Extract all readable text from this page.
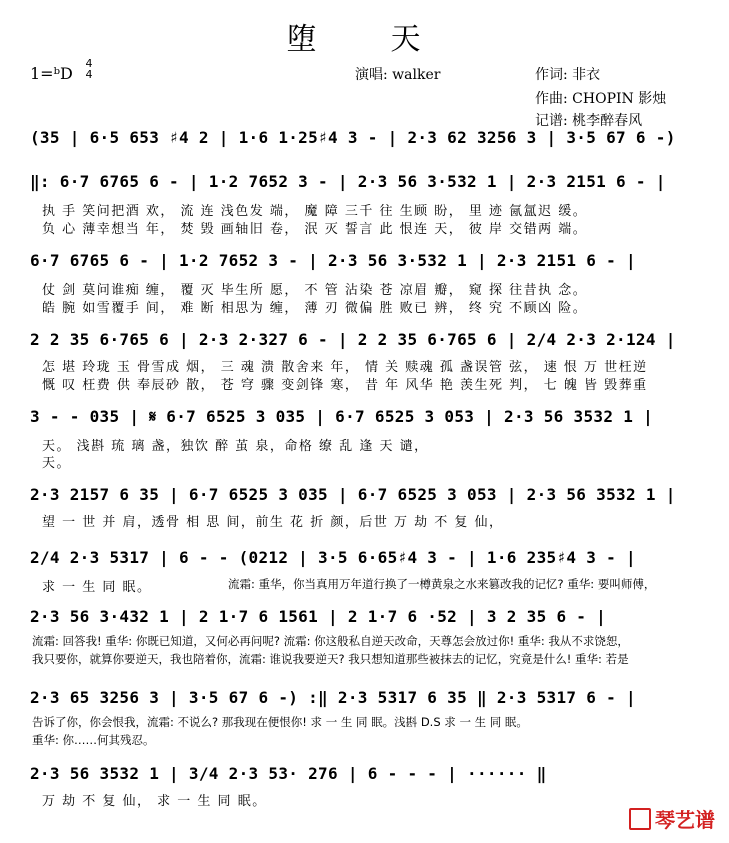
堕　天
1=ᵇD
4
4	演唱: walker	作词: 非衣
作曲: CHOPIN 影烛
记谱: 桃李醉春风
(35 | 6·5 653 ♯4 2 | 1·6 1·25♯4 3 - | 2·3 62 3256 3 | 3·5 67 6 -)
‖: 6·7 6765 6 - | 1·2 7652 3 - | 2·3 56 3·532 1 | 2·3 2151 6 - |
执 手 笑问把酒 欢， 流 连 浅色发 端， 魔 障 三千 往 生顾 盼， 里 迹 氤氲迟 缓。
负 心 薄幸想当 年， 焚 毁 画轴旧 卷， 泯 灭 誓言 此 恨连 天， 彼 岸 交错两 端。
6·7 6765 6 - | 1·2 7652 3 - | 2·3 56 3·532 1 | 2·3 2151 6 - |
仗 剑 莫问谁痴 缠， 覆 灭 毕生所 愿， 不 管 沾染 苍 凉眉 瓣， 窥 探 往昔执 念。
皓 腕 如雪覆手 间， 难 断 相思为 缠， 薄 刃 微偏 胜 败已 辨， 终 究 不顾凶 险。
2 2 35 6·765 6 | 2·3 2·327 6 - | 2 2 35 6·765 6 | 2/4 2·3 2·124 |
怎 堪 玲珑 玉 骨雪成 烟， 三 魂 溃 散舍来 年， 情 关 赎魂 孤 盏误管 弦， 速 恨 万 世枉逆
慨 叹 枉费 供 奉辰砂 散， 苍 穹 骤 变剑锋 寒， 昔 年 风华 艳 羡生死 判， 七 魄 皆 毁葬重
3 - - 035 | 𝄋 6·7 6525 3 035 | 6·7 6525 3 053 | 2·3 56 3532 1 |
天。 浅斟 琉 璃 盏，独饮 醉 茧 泉，命格 缭 乱 逢 天 谴，
天。
2·3 2157 6 35 | 6·7 6525 3 035 | 6·7 6525 3 053 | 2·3 56 3532 1 |
望 一 世 并 肩，透骨 相 思 间，前生 花 折 颜，后世 万 劫 不 复 仙，
2/4 2·3 5317 | 6 - - (0212 | 3·5 6·65♯4 3 - | 1·6 235♯4 3 - |
求 一 生 同 眠。	流霜: 重华，你当真用万年道行换了一樽黄泉之水来篡改我的记忆? 重华: 要叫师傅，
2·3 56 3·432 1 | 2 1·7 6 1561 | 2 1·7 6 ·52 | 3 2 35 6 - |
流霜: 回答我! 重华: 你既已知道，又何必再问呢? 流霜: 你这般私自逆天改命，天尊怎会放过你! 重华: 我从不求饶恕，
我只要你，就算你要逆天，我也陪着你，流霜: 谁说我要逆天? 我只想知道那些被抹去的记忆，究竟是什么! 重华: 若是
2·3 65 3256 3 | 3·5 67 6 -) :‖ 2·3 5317 6 35 ‖ 2·3 5317 6 - |
告诉了你，你会恨我，流霜: 不说么? 那我现在便恨你! 求 一 生 同 眠。浅斟 D.S 求 一 生 同 眠。
重华: 你……何其残忍。
2·3 56 3532 1 | 3/4 2·3 53· 276 | 6 - - - | ······ ‖
万 劫 不 复 仙， 求 一 生 同 眠。
琴艺谱
